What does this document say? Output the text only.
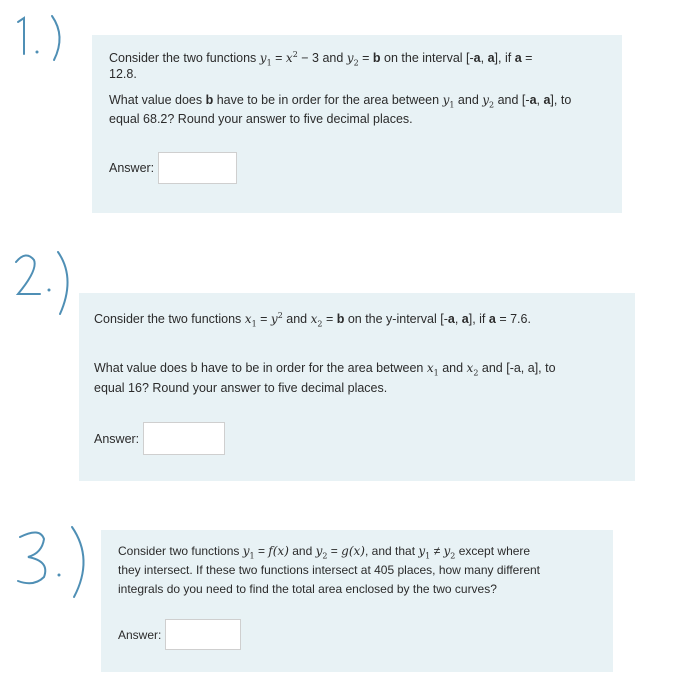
Consider the two functions $y_1 = x^2 - 3$ and $y_2 = b$ on the interval [-a, a], if a =

12.8.

What value does b have to be in order for the area between $y_1$ and $y_2$ and [-a, a], to

equal 68.2? Round your answer to five decimal places.

Answer:

Consider the two functions $x_1 = y^2$ and $x_2 = b$ on the y-interval [-a, a], if a = 7.6.

What value does b have to be in order for the area between $x_1$ and $x_2$ and [-a, a], to

equal 16? Round your answer to five decimal places.

Answer:

Consider two functions $y_1 = f(x)$ and $y_2 = g(x)$, and that $y_1 \ne y_2$ except where

they intersect. If these two functions intersect at 405 places, how many different

integrals do you need to find the total area enclosed by the two curves?

Answer:
